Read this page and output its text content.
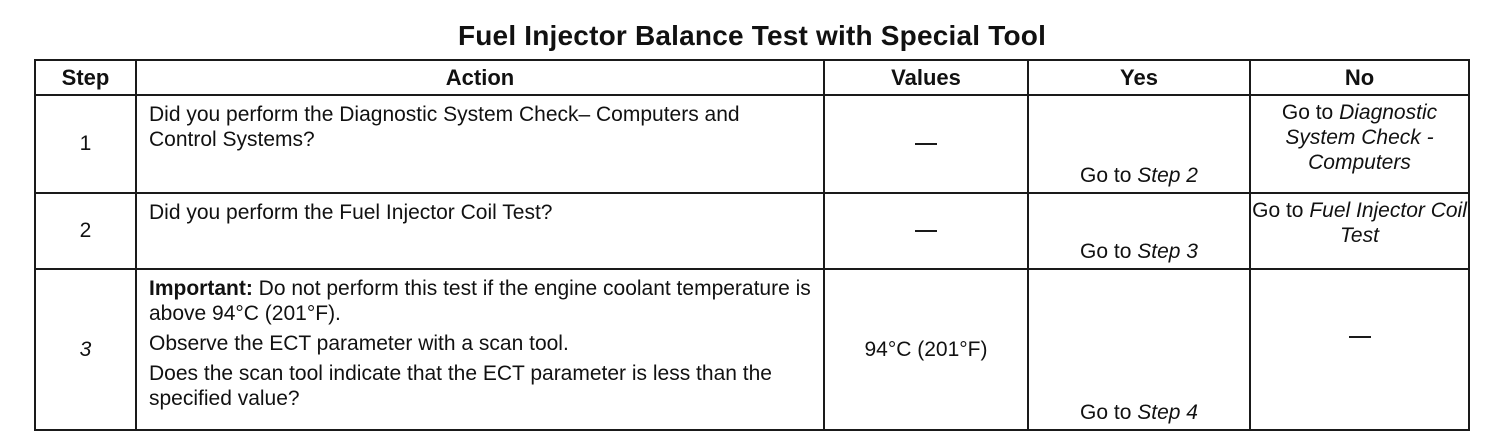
Fuel Injector Balance Test with Special Tool
Step	Action	Values	Yes	No
1	Did you perform the Diagnostic System Check– Computers and Control Systems?		Go to Step 2	Go to Diagnostic System Check - Computers
2	Did you perform the Fuel Injector Coil Test?		Go to Step 3	Go to Fuel Injector Coil Test
3	Important: Do not perform this test if the engine coolant temperature is above 94°C (201°F).
Observe the ECT parameter with a scan tool.
Does the scan tool indicate that the ECT parameter is less than the specified value?	94°C (201°F)	Go to Step 4	
